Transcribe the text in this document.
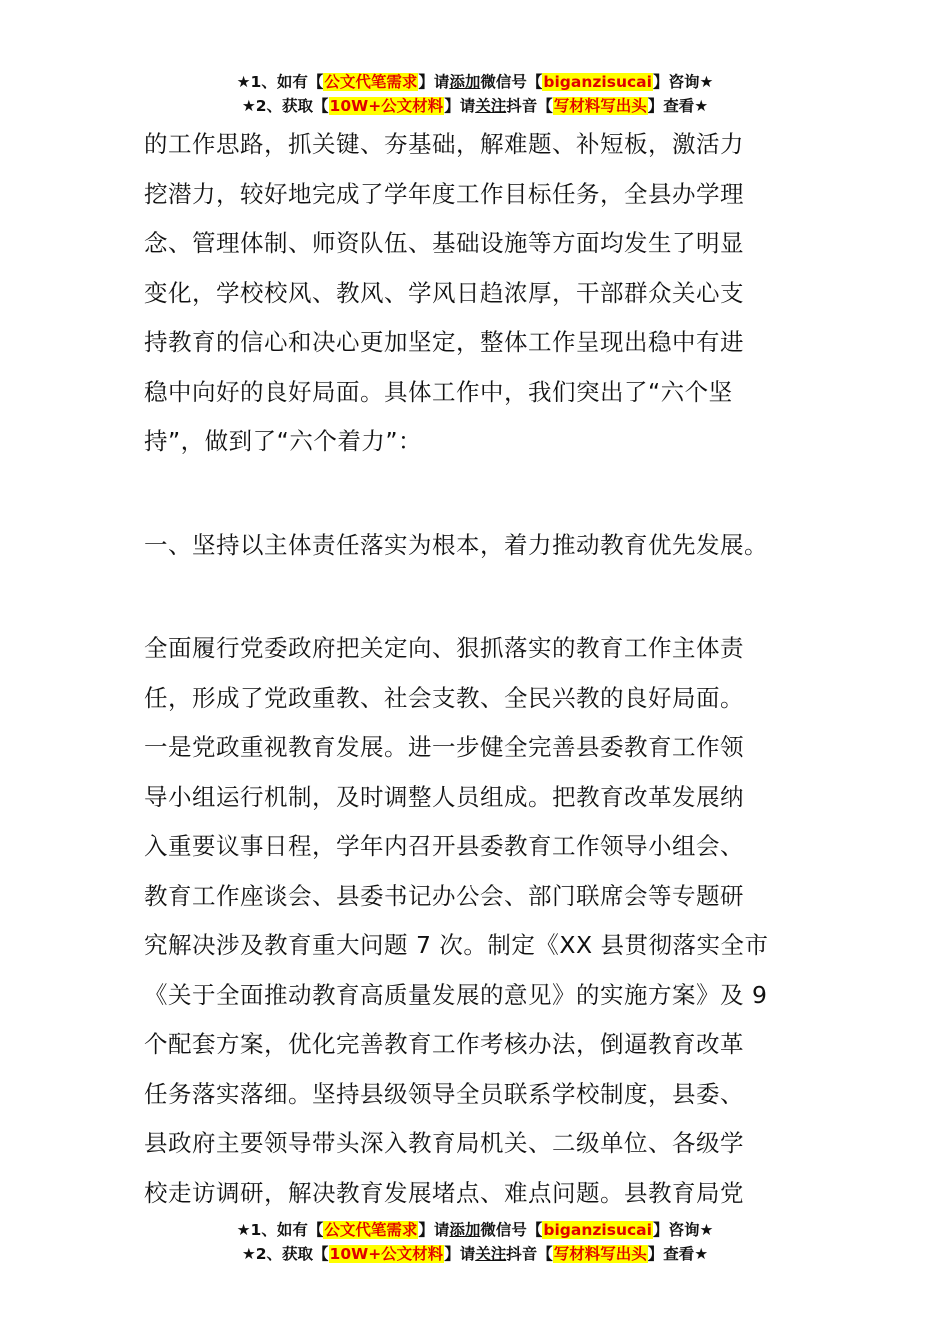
★1、如有【公文代笔需求】请添加微信号【biganzisucai】咨询★
★2、获取【10W+公文材料】请关注抖音【写材料写出头】查看★
的工作思路，抓关键、夯基础，解难题、补短板，激活力
挖潜力，较好地完成了学年度工作目标任务，全县办学理
念、管理体制、师资队伍、基础设施等方面均发生了明显
变化，学校校风、教风、学风日趋浓厚，干部群众关心支
持教育的信心和决心更加坚定，整体工作呈现出稳中有进
稳中向好的良好局面。具体工作中，我们突出了“六个坚
持”，做到了“六个着力”：
一、坚持以主体责任落实为根本，着力推动教育优先发展。
全面履行党委政府把关定向、狠抓落实的教育工作主体责
任，形成了党政重教、社会支教、全民兴教的良好局面。
一是党政重视教育发展。进一步健全完善县委教育工作领
导小组运行机制，及时调整人员组成。把教育改革发展纳
入重要议事日程，学年内召开县委教育工作领导小组会、
教育工作座谈会、县委书记办公会、部门联席会等专题研
究解决涉及教育重大问题 7 次。制定《XX 县贯彻落实全市
《关于全面推动教育高质量发展的意见》的实施方案》及 9
个配套方案，优化完善教育工作考核办法，倒逼教育改革
任务落实落细。坚持县级领导全员联系学校制度，县委、
县政府主要领导带头深入教育局机关、二级单位、各级学
校走访调研，解决教育发展堵点、难点问题。县教育局党
★1、如有【公文代笔需求】请添加微信号【biganzisucai】咨询★
★2、获取【10W+公文材料】请关注抖音【写材料写出头】查看★
